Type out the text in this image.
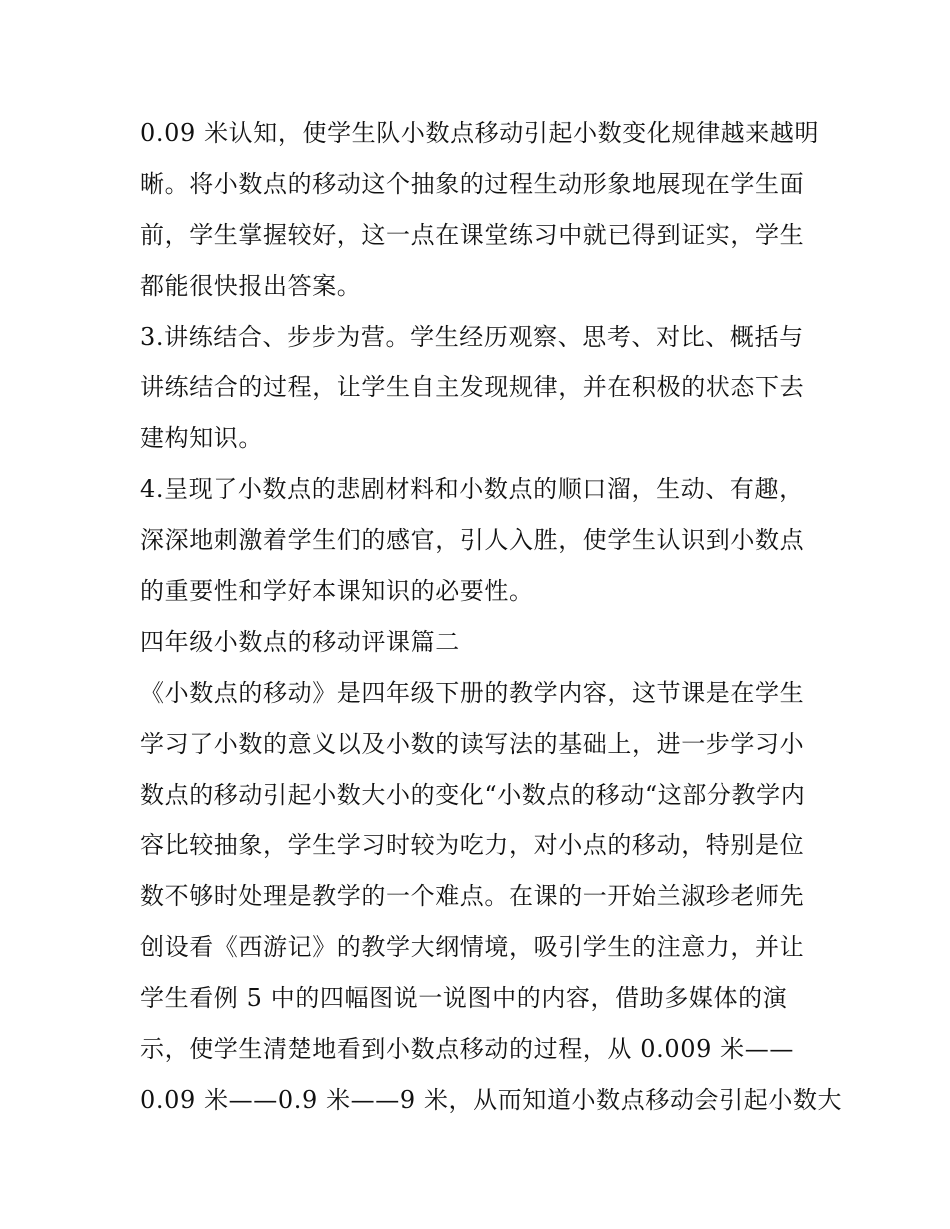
0.09 米认知，使学生队小数点移动引起小数变化规律越来越明
晰。将小数点的移动这个抽象的过程生动形象地展现在学生面
前，学生掌握较好，这一点在课堂练习中就已得到证实，学生
都能很快报出答案。
3.讲练结合、步步为营。学生经历观察、思考、对比、概括与
讲练结合的过程，让学生自主发现规律，并在积极的状态下去
建构知识。
4.呈现了小数点的悲剧材料和小数点的顺口溜，生动、有趣，
深深地刺激着学生们的感官，引人入胜，使学生认识到小数点
的重要性和学好本课知识的必要性。
四年级小数点的移动评课篇二
《小数点的移动》是四年级下册的教学内容，这节课是在学生
学习了小数的意义以及小数的读写法的基础上，进一步学习小
数点的移动引起小数大小的变化“小数点的移动“这部分教学内
容比较抽象，学生学习时较为吃力，对小点的移动，特别是位
数不够时处理是教学的一个难点。在课的一开始兰淑珍老师先
创设看《西游记》的教学大纲情境，吸引学生的注意力，并让
学生看例 5 中的四幅图说一说图中的内容，借助多媒体的演
示，使学生清楚地看到小数点移动的过程，从 0.009 米——
0.09 米——0.9 米——9 米，从而知道小数点移动会引起小数大
